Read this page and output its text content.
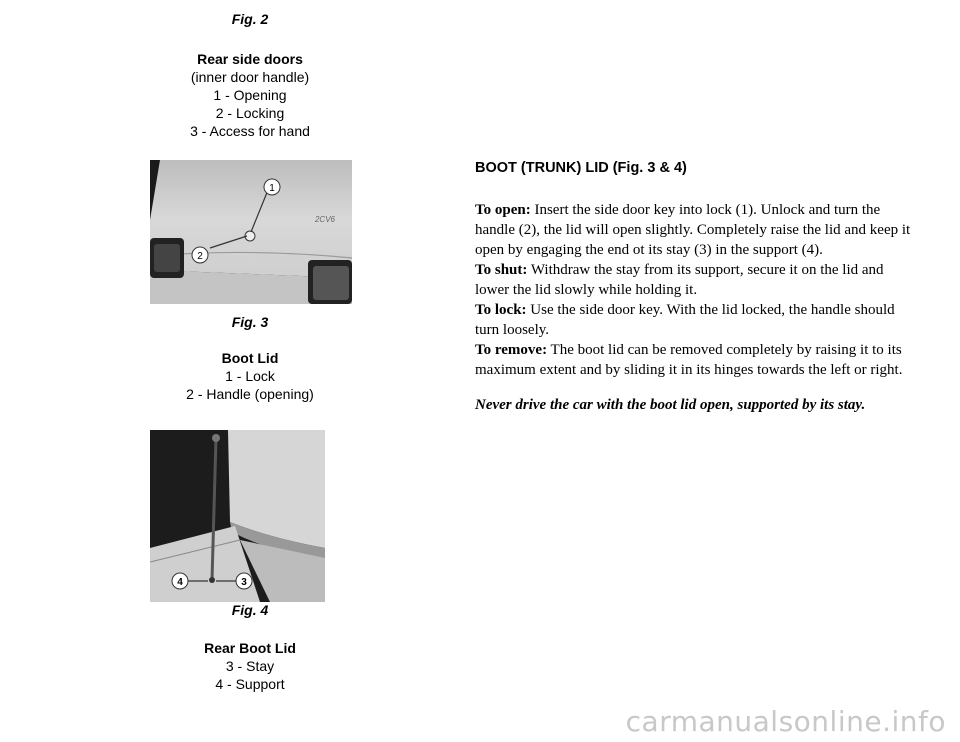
Fig. 2
Rear side doors
(inner door handle)
1 - Opening
2 - Locking
3 - Access for hand
1
2
2CV6
Fig. 3
Boot Lid
1 - Lock
2 - Handle (opening)
4	3
Fig. 4
Rear Boot Lid
3 - Stay
4 - Support
BOOT (TRUNK) LID (Fig. 3 & 4)

To open: Insert the side door key into lock (1). Unlock and turn the handle (2), the lid will open slightly. Completely raise the lid and keep it open by engaging the end ot its stay (3) in the support (4).

To shut: Withdraw the stay from its support, secure it on the lid and lower the lid slowly while holding it.

To lock: Use the side door key. With the lid locked, the handle should turn loosely.

To remove: The boot lid can be removed completely by raising it to its maximum extent and by sliding it in its hinges towards the left or right.

Never drive the car with the boot lid open, supported by its stay.

carmanualsonline.info
